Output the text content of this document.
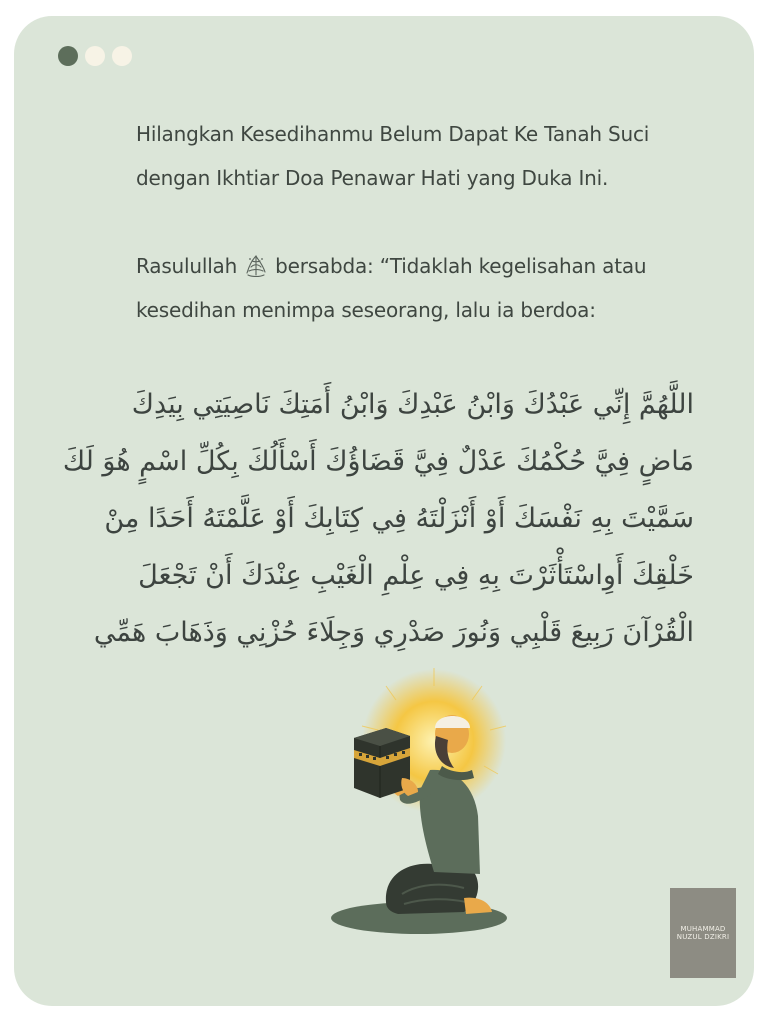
Hilangkan Kesedihanmu Belum Dapat Ke Tanah Suci

dengan Ikhtiar Doa Penawar Hati yang Duka Ini.

Rasulullah bersabda: “Tidaklah kegelisahan atau

kesedihan menimpa seseorang, lalu ia berdoa:

اللَّهُمَّ إِنِّي عَبْدُكَ وَابْنُ عَبْدِكَ وَابْنُ أَمَتِكَ نَاصِيَتِي بِيَدِكَ
مَاضٍ فِيَّ حُكْمُكَ عَدْلٌ فِيَّ قَضَاؤُكَ أَسْأَلُكَ بِكُلِّ اسْمٍ هُوَ لَكَ
سَمَّيْتَ بِهِ نَفْسَكَ أَوْ أَنْزَلْتَهُ فِي كِتَابِكَ أَوْ عَلَّمْتَهُ أَحَدًا مِنْ
خَلْقِكَ أَوِاسْتَأْثَرْتَ بِهِ فِي عِلْمِ الْغَيْبِ عِنْدَكَ أَنْ تَجْعَلَ
الْقُرْآنَ رَبِيعَ قَلْبِي وَنُورَ صَدْرِي وَجِلَاءَ حُزْنِي وَذَهَابَ هَمِّي
MUHAMMAD
NUZUL DZIKRI
